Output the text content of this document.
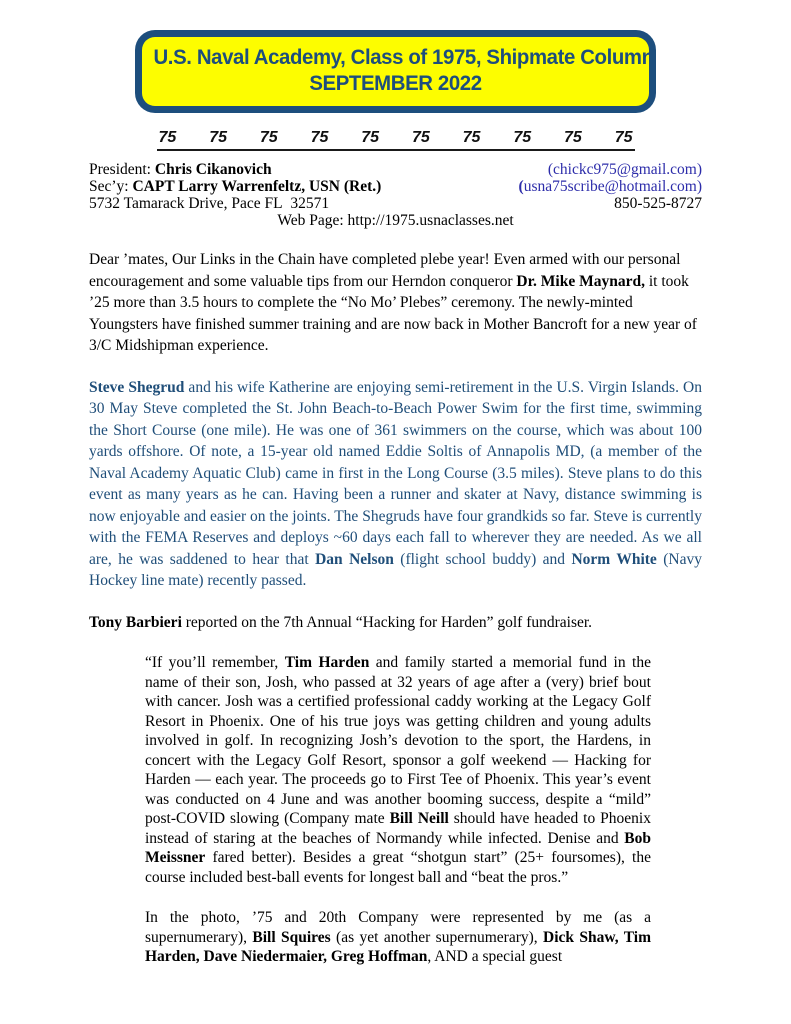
U.S. Naval Academy, Class of 1975, Shipmate Column
SEPTEMBER 2022
75 75 75 75 75 75 75 75 75 75
President: Chris Cikanovich	(chickc975@gmail.com)
Sec’y: CAPT Larry Warrenfeltz, USN (Ret.)	(usna75scribe@hotmail.com)
5732 Tamarack Drive, Pace FL  32571	850-525-8727
Web Page: http://1975.usnaclasses.net

Dear ’mates, Our Links in the Chain have completed plebe year! Even armed with our personal encouragement and some valuable tips from our Herndon conqueror Dr. Mike Maynard, it took ’25 more than 3.5 hours to complete the “No Mo’ Plebes” ceremony. The newly-minted Youngsters have finished summer training and are now back in Mother Bancroft for a new year of 3/C Midshipman experience.

Steve Shegrud and his wife Katherine are enjoying semi-retirement in the U.S. Virgin Islands. On 30 May Steve completed the St. John Beach-to-Beach Power Swim for the first time, swimming the Short Course (one mile). He was one of 361 swimmers on the course, which was about 100 yards offshore. Of note, a 15-year old named Eddie Soltis of Annapolis MD, (a member of the Naval Academy Aquatic Club) came in first in the Long Course (3.5 miles). Steve plans to do this event as many years as he can. Having been a runner and skater at Navy, distance swimming is now enjoyable and easier on the joints. The Shegruds have four grandkids so far. Steve is currently with the FEMA Reserves and deploys ~60 days each fall to wherever they are needed. As we all are, he was saddened to hear that Dan Nelson (flight school buddy) and Norm White (Navy Hockey line mate) recently passed.

Tony Barbieri reported on the 7th Annual “Hacking for Harden” golf fundraiser.

“If you’ll remember, Tim Harden and family started a memorial fund in the name of their son, Josh, who passed at 32 years of age after a (very) brief bout with cancer. Josh was a certified professional caddy working at the Legacy Golf Resort in Phoenix. One of his true joys was getting children and young adults involved in golf. In recognizing Josh’s devotion to the sport, the Hardens, in concert with the Legacy Golf Resort, sponsor a golf weekend — Hacking for Harden — each year. The proceeds go to First Tee of Phoenix. This year’s event was conducted on 4 June and was another booming success, despite a “mild” post-COVID slowing (Company mate Bill Neill should have headed to Phoenix instead of staring at the beaches of Normandy while infected. Denise and Bob Meissner fared better). Besides a great “shotgun start” (25+ foursomes), the course included best-ball events for longest ball and “beat the pros.”
In the photo, ’75 and 20th Company were represented by me (as a supernumerary), Bill Squires (as yet another supernumerary), Dick Shaw, Tim Harden, Dave Niedermaier, Greg Hoffman, AND a special guest
